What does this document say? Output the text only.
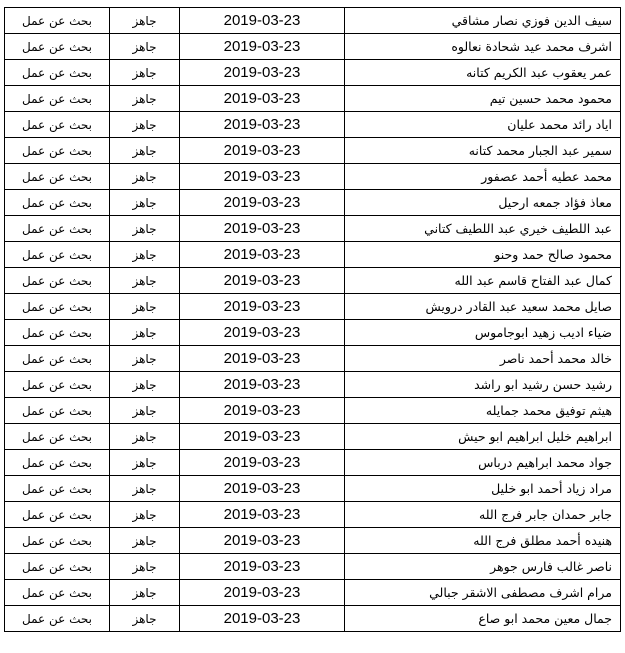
بحث عن عمل	جاهز	2019-03-23	سيف الدين فوزي نصار مشاقي
بحث عن عمل	جاهز	2019-03-23	اشرف محمد عيد شحادة نعالوه
بحث عن عمل	جاهز	2019-03-23	عمر يعقوب عبد الكريم كتانه
بحث عن عمل	جاهز	2019-03-23	محمود محمد حسين تيم
بحث عن عمل	جاهز	2019-03-23	اياد رائد محمد عليان
بحث عن عمل	جاهز	2019-03-23	سمير عبد الجبار محمد كتانه
بحث عن عمل	جاهز	2019-03-23	محمد عطيه أحمد عصفور
بحث عن عمل	جاهز	2019-03-23	معاذ فؤاد جمعه ارحيل
بحث عن عمل	جاهز	2019-03-23	عبد اللطيف خيري عبد اللطيف كتاني
بحث عن عمل	جاهز	2019-03-23	محمود صالح حمد وحنو
بحث عن عمل	جاهز	2019-03-23	كمال عبد الفتاح قاسم عبد الله
بحث عن عمل	جاهز	2019-03-23	صايل محمد سعيد عبد القادر درويش
بحث عن عمل	جاهز	2019-03-23	ضياء اديب زهيد ابوجاموس
بحث عن عمل	جاهز	2019-03-23	خالد محمد أحمد ناصر
بحث عن عمل	جاهز	2019-03-23	رشيد حسن رشيد ابو راشد
بحث عن عمل	جاهز	2019-03-23	هيثم توفيق محمد جمايله
بحث عن عمل	جاهز	2019-03-23	ابراهيم خليل ابراهيم ابو حيش
بحث عن عمل	جاهز	2019-03-23	جواد محمد ابراهيم درباس
بحث عن عمل	جاهز	2019-03-23	مراد زياد أحمد ابو خليل
بحث عن عمل	جاهز	2019-03-23	جابر حمدان جابر فرج الله
بحث عن عمل	جاهز	2019-03-23	هنيده أحمد مطلق فرج الله
بحث عن عمل	جاهز	2019-03-23	ناصر غالب فارس جوهر
بحث عن عمل	جاهز	2019-03-23	مرام اشرف مصطفى الاشقر جبالي
بحث عن عمل	جاهز	2019-03-23	جمال معين محمد ابو صاع
